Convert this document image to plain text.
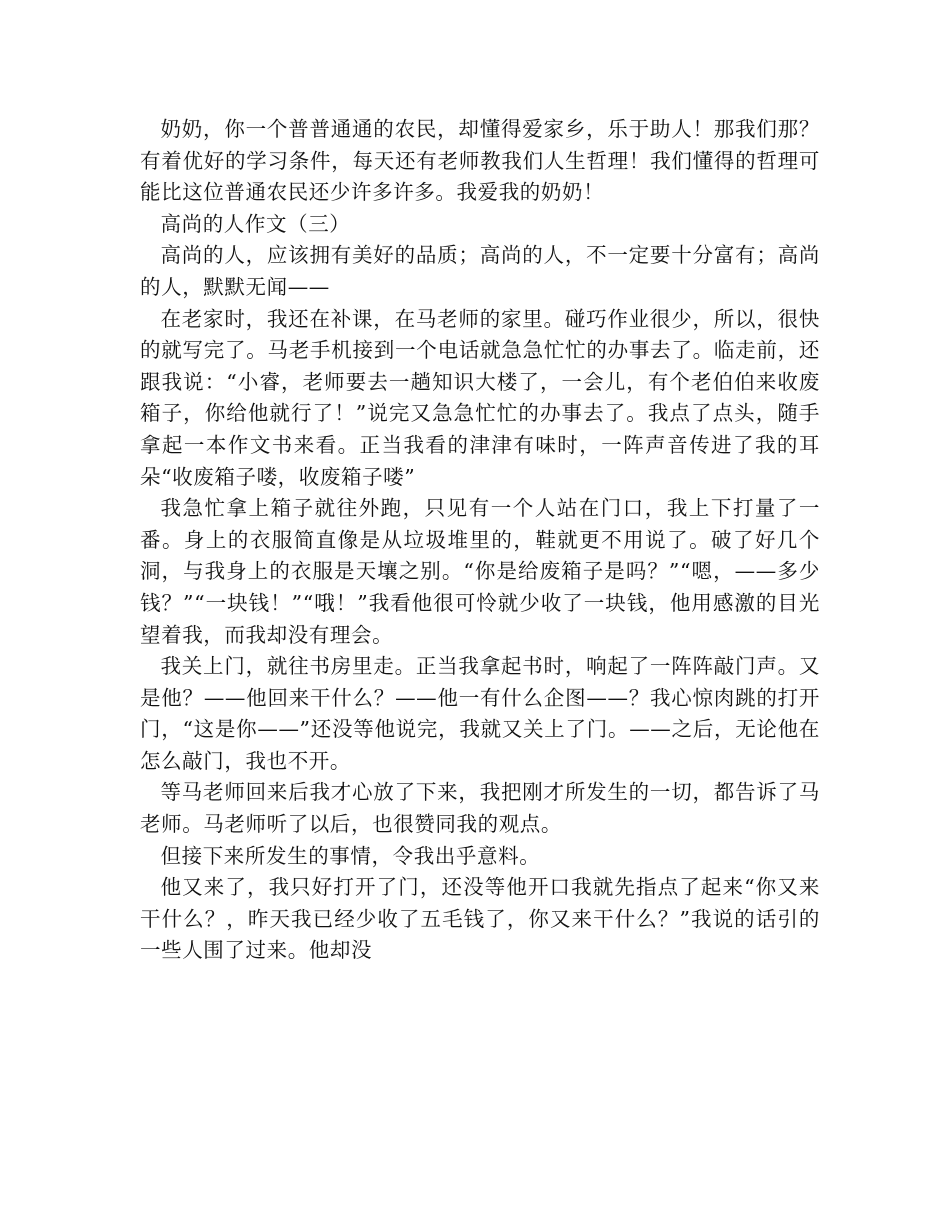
奶奶，你一个普普通通的农民，却懂得爱家乡，乐于助人！那我们那？有着优好的学习条件，每天还有老师教我们人生哲理！我们懂得的哲理可能比这位普通农民还少许多许多。我爱我的奶奶！

高尚的人作文（三）

高尚的人，应该拥有美好的品质；高尚的人，不一定要十分富有；高尚的人，默默无闻——

在老家时，我还在补课，在马老师的家里。碰巧作业很少，所以，很快的就写完了。马老手机接到一个电话就急急忙忙的办事去了。临走前，还跟我说：“小睿，老师要去一趟知识大楼了，一会儿，有个老伯伯来收废箱子，你给他就行了！”说完又急急忙忙的办事去了。我点了点头，随手拿起一本作文书来看。正当我看的津津有味时，一阵声音传进了我的耳朵“收废箱子喽，收废箱子喽”

我急忙拿上箱子就往外跑，只见有一个人站在门口，我上下打量了一番。身上的衣服简直像是从垃圾堆里的，鞋就更不用说了。破了好几个洞，与我身上的衣服是天壤之别。“你是给废箱子是吗？”“嗯，——多少钱？”“一块钱！”“哦！”我看他很可怜就少收了一块钱，他用感激的目光望着我，而我却没有理会。

我关上门，就往书房里走。正当我拿起书时，响起了一阵阵敲门声。又是他？——他回来干什么？——他一有什么企图——？我心惊肉跳的打开门，“这是你——”还没等他说完，我就又关上了门。——之后，无论他在怎么敲门，我也不开。

等马老师回来后我才心放了下来，我把刚才所发生的一切，都告诉了马老师。马老师听了以后，也很赞同我的观点。

但接下来所发生的事情，令我出乎意料。

他又来了，我只好打开了门，还没等他开口我就先指点了起来“你又来干什么？，昨天我已经少收了五毛钱了，你又来干什么？”我说的话引的一些人围了过来。他却没
